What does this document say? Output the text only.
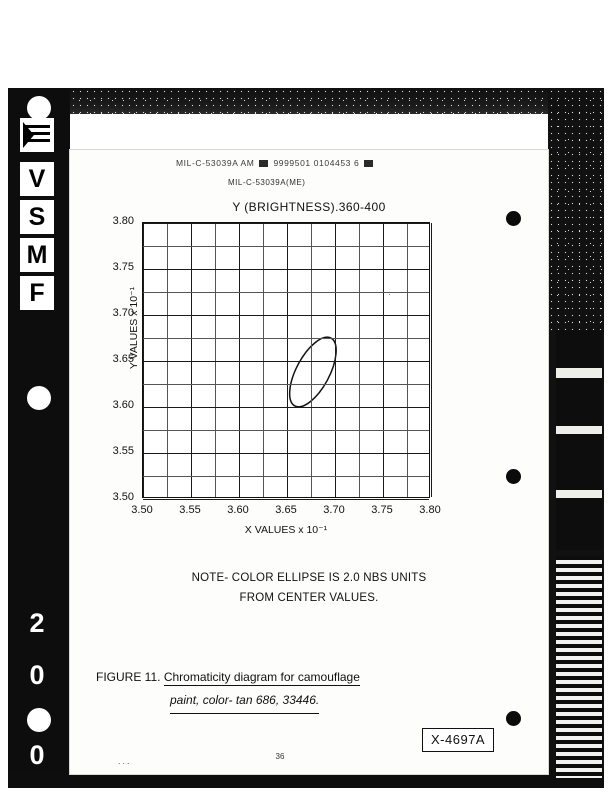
V
S
M
F
2
0
0
MIL-C-53039A AM 9999501 0104453 6
MIL-C-53039A(ME)
Y (BRIGHTNESS).360-400
Y VALUES x 10⁻¹
X VALUES x 10⁻¹
3.50
3.55
3.60
3.65
3.70
3.75
3.80
3.50	3.55	3.60	3.65	3.70	3.75	3.80
NOTE- COLOR ELLIPSE IS 2.0 NBS UNITS
FROM CENTER VALUES.
FIGURE 11. Chromaticity diagram for camouflage
paint, color- tan 686, 33446.
X-4697A
36
...
·
